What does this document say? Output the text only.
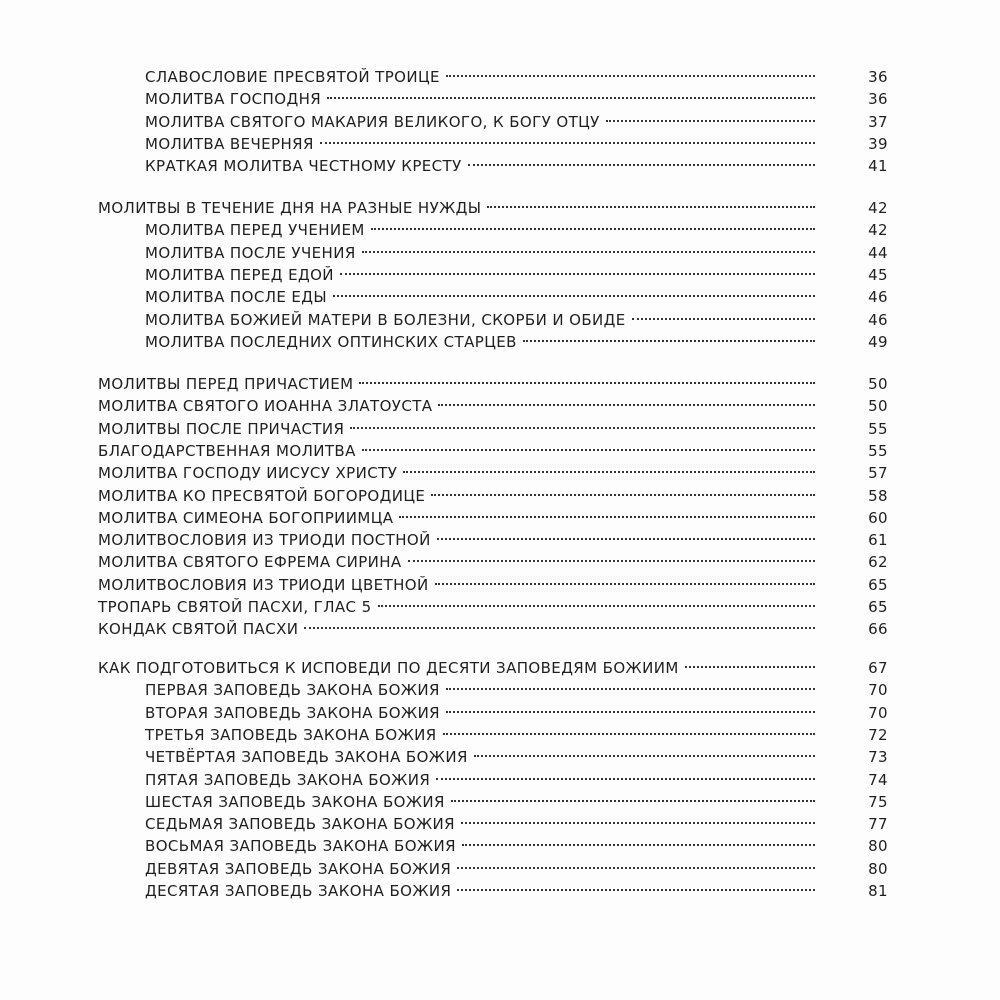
СЛАВОСЛОВИЕ ПРЕСВЯТОЙ ТРОИЦЕ	36
МОЛИТВА ГОСПОДНЯ	36
МОЛИТВА СВЯТОГО МАКАРИЯ ВЕЛИКОГО, К БОГУ ОТЦУ	37
МОЛИТВА ВЕЧЕРНЯЯ	39
КРАТКАЯ МОЛИТВА ЧЕСТНОМУ КРЕСТУ	41
МОЛИТВЫ В ТЕЧЕНИЕ ДНЯ НА РАЗНЫЕ НУЖДЫ	42
МОЛИТВА ПЕРЕД УЧЕНИЕМ	42
МОЛИТВА ПОСЛЕ УЧЕНИЯ	44
МОЛИТВА ПЕРЕД ЕДОЙ	45
МОЛИТВА ПОСЛЕ ЕДЫ	46
МОЛИТВА БОЖИЕЙ МАТЕРИ В БОЛЕЗНИ, СКОРБИ И ОБИДЕ	46
МОЛИТВА ПОСЛЕДНИХ ОПТИНСКИХ СТАРЦЕВ	49
МОЛИТВЫ ПЕРЕД ПРИЧАСТИЕМ	50
МОЛИТВА СВЯТОГО ИОАННА ЗЛАТОУСТА	50
МОЛИТВЫ ПОСЛЕ ПРИЧАСТИЯ	55
БЛАГОДАРСТВЕННАЯ МОЛИТВА	55
МОЛИТВА ГОСПОДУ ИИСУСУ ХРИСТУ	57
МОЛИТВА КО ПРЕСВЯТОЙ БОГОРОДИЦЕ	58
МОЛИТВА СИМЕОНА БОГОПРИИМЦА	60
МОЛИТВОСЛОВИЯ ИЗ ТРИОДИ ПОСТНОЙ	61
МОЛИТВА СВЯТОГО ЕФРЕМА СИРИНА	62
МОЛИТВОСЛОВИЯ ИЗ ТРИОДИ ЦВЕТНОЙ	65
ТРОПАРЬ СВЯТОЙ ПАСХИ, ГЛАС 5	65
КОНДАК СВЯТОЙ ПАСХИ	66
КАК ПОДГОТОВИТЬСЯ К ИСПОВЕДИ ПО ДЕСЯТИ ЗАПОВЕДЯМ БОЖИИМ	67
ПЕРВАЯ ЗАПОВЕДЬ ЗАКОНА БОЖИЯ	70
ВТОРАЯ ЗАПОВЕДЬ ЗАКОНА БОЖИЯ	70
ТРЕТЬЯ ЗАПОВЕДЬ ЗАКОНА БОЖИЯ	72
ЧЕТВЁРТАЯ ЗАПОВЕДЬ ЗАКОНА БОЖИЯ	73
ПЯТАЯ ЗАПОВЕДЬ ЗАКОНА БОЖИЯ	74
ШЕСТАЯ ЗАПОВЕДЬ ЗАКОНА БОЖИЯ	75
СЕДЬМАЯ ЗАПОВЕДЬ ЗАКОНА БОЖИЯ	77
ВОСЬМАЯ ЗАПОВЕДЬ ЗАКОНА БОЖИЯ	80
ДЕВЯТАЯ ЗАПОВЕДЬ ЗАКОНА БОЖИЯ	80
ДЕСЯТАЯ ЗАПОВЕДЬ ЗАКОНА БОЖИЯ	81
